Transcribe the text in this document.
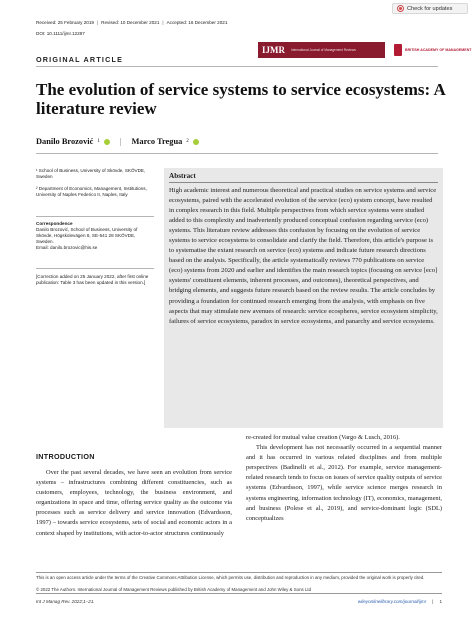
Check for updates
Received: 25 February 2019 | Revised: 10 December 2021 | Accepted: 16 December 2021
DOI: 10.1111/ijmr.12287
IJMR International Journal of Management Reviews	BRITISH ACADEMY OF MANAGEMENT
ORIGINAL ARTICLE
The evolution of service systems to service ecosystems: A literature review
Danilo Brozović 1 | Marco Tregua 2
¹ School of Business, University of Skövde, SKÖVDE, Sweden
² Department of Economics, Management, Institutions, University of Naples Federico II, Naples, Italy
Correspondence
Danilo Brozović, School of Business, University of Skövde, Högskolevägen 8, SE-541 28 SKÖVDE, Sweden.
Email: danilo.brozovic@his.se
[Correction added on 25 January 2022, after first online publication: Table 3 has been updated in this version.]
Abstract
High academic interest and numerous theoretical and practical studies on service systems and service ecosystems, paired with the accelerated evolution of the service (eco) system concept, have resulted in complex research in this field. Multiple perspectives from which service systems were studied added to this complexity and inadvertently produced conceptual confusion regarding service (eco) systems. This literature review addresses this confusion by focusing on the evolution of service systems to service ecosystems to consolidate and clarify the field. Therefore, this article's purpose is to systematise the extant research on service (eco) systems and indicate future research directions based on the analysis. Specifically, the article systematically reviews 770 publications on service (eco) systems from 2020 and earlier and identifies the main research topics (focusing on service [eco] systems' constituent elements, inherent processes, and outcomes), theoretical perspectives, and bridging elements, and suggests future research based on the review results. The article concludes by providing a foundation for continued research emerging from the analysis, with emphasis on five aspects that may stimulate new avenues of research: service ecospheres, service ecosystem simplicity, failures of service ecosystems, paradox in service ecosystems, and panarchy and service ecosystems.
INTRODUCTION

Over the past several decades, we have seen an evolution from service systems – infrastructures combining different constituencies, such as customers, employees, technology, the business environment, and organizations in space and time, offering service quality as the outcome via processes such as service delivery and service innovation (Edvardsson, 1997) – towards service ecosystems, sets of social and economic actors in a context shaped by institutions, with actor-to-actor structures continuously

re-created for mutual value creation (Vargo & Lusch, 2016).

This development has not necessarily occurred in a sequential manner and it has occurred in various related disciplines and from multiple perspectives (Badinelli et al., 2012). For example, service management-related research tends to focus on issues of service quality outputs of service systems (Edvardsson, 1997), while service science merges research in systems engineering, information technology (IT), economics, management, and business (Polese et al., 2019), and service-dominant logic (SDL) conceptualizes

This is an open access article under the terms of the Creative Commons Attribution License, which permits use, distribution and reproduction in any medium, provided the original work is properly cited.
© 2022 The Authors. International Journal of Management Reviews published by British Academy of Management and John Wiley & Sons Ltd
Int J Manag Rev. 2022;1–21.	wileyonlinelibrary.com/journal/ijmr | 1
